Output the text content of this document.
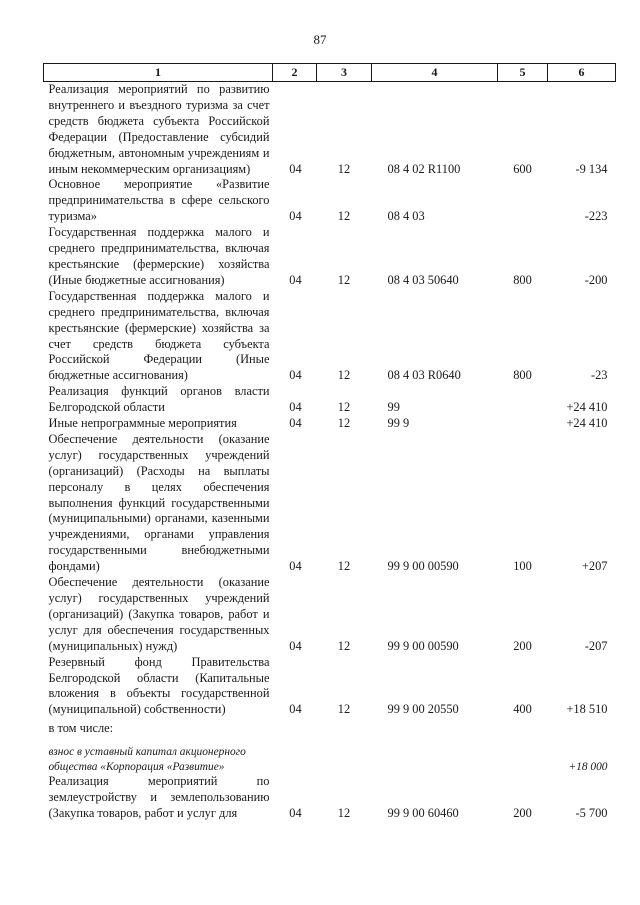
87
1	2	3	4	5	6
Реализация мероприятий по развитию внутреннего и въездного туризма за счет средств бюджета субъекта Российской Федерации (Предоставление субсидий бюджетным, автономным учреждениям и иным некоммерческим организациям)	04	12	08 4 02 R1100	600	-9 134
Основное мероприятие «Развитие предпринимательства в сфере сельского туризма»	04	12	08 4 03		-223
Государственная поддержка малого и среднего предпринимательства, включая крестьянские (фермерские) хозяйства (Иные бюджетные ассигнования)	04	12	08 4 03 50640	800	-200
Государственная поддержка малого и среднего предпринимательства, включая крестьянские (фермерские) хозяйства за счет средств бюджета субъекта Российской Федерации (Иные бюджетные ассигнования)	04	12	08 4 03 R0640	800	-23
Реализация функций органов власти Белгородской области	04	12	99		+24 410
Иные непрограммные мероприятия	04	12	99 9		+24 410
Обеспечение деятельности (оказание услуг) государственных учреждений (организаций) (Расходы на выплаты персоналу в целях обеспечения выполнения функций государственными (муниципальными) органами, казенными учреждениями, органами управления государственными внебюджетными фондами)	04	12	99 9 00 00590	100	+207
Обеспечение деятельности (оказание услуг) государственных учреждений (организаций) (Закупка товаров, работ и услуг для обеспечения государственных (муниципальных) нужд)	04	12	99 9 00 00590	200	-207
Резервный фонд Правительства Белгородской области (Капитальные вложения в объекты государственной (муниципальной) собственности)	04	12	99 9 00 20550	400	+18 510
в том числе:					
взнос в уставный капитал акционерного общества «Корпорация «Развитие»					+18 000
Реализация мероприятий по землеустройству и землепользованию (Закупка товаров, работ и услуг для	04	12	99 9 00 60460	200	-5 700
